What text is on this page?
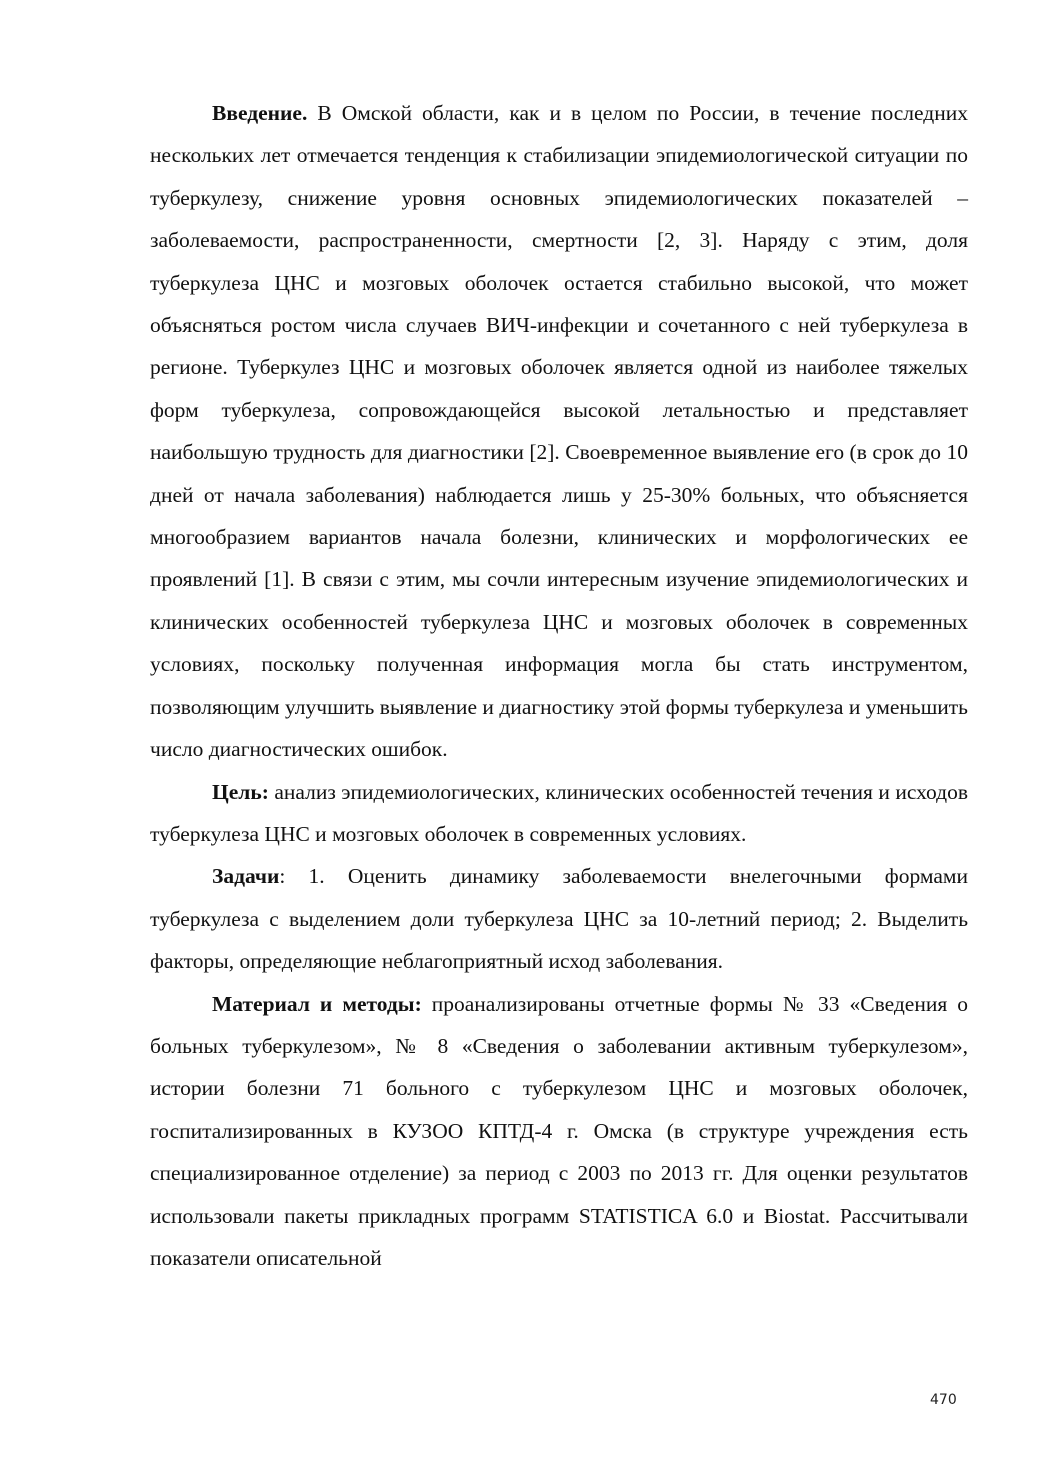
Введение. В Омской области, как и в целом по России, в течение последних нескольких лет отмечается тенденция к стабилизации эпидемиологической ситуации по туберкулезу, снижение уровня основных эпидемиологических показателей – заболеваемости, распространенности, смертности [2, 3]. Наряду с этим, доля туберкулеза ЦНС и мозговых оболочек остается стабильно высокой, что может объясняться ростом числа случаев ВИЧ-инфекции и сочетанного с ней туберкулеза в регионе. Туберкулез ЦНС и мозговых оболочек является одной из наиболее тяжелых форм туберкулеза, сопровождающейся высокой летальностью и представляет наибольшую трудность для диагностики [2]. Своевременное выявление его (в срок до 10 дней от начала заболевания) наблюдается лишь у 25-30% больных, что объясняется многообразием вариантов начала болезни, клинических и морфологических ее проявлений [1]. В связи с этим, мы сочли интересным изучение эпидемиологических и клинических особенностей туберкулеза ЦНС и мозговых оболочек в современных условиях, поскольку полученная информация могла бы стать инструментом, позволяющим улучшить выявление и диагностику этой формы туберкулеза и уменьшить число диагностических ошибок.

Цель: анализ эпидемиологических, клинических особенностей течения и исходов туберкулеза ЦНС и мозговых оболочек в современных условиях.

Задачи: 1. Оценить динамику заболеваемости внелегочными формами туберкулеза с выделением доли туберкулеза ЦНС за 10-летний период; 2. Выделить факторы, определяющие неблагоприятный исход заболевания.

Материал и методы: проанализированы отчетные формы № 33 «Сведения о больных туберкулезом», № 8 «Сведения о заболевании активным туберкулезом», истории болезни 71 больного с туберкулезом ЦНС и мозговых оболочек, госпитализированных в КУЗОО КПТД-4 г. Омска (в структуре учреждения есть специализированное отделение) за период с 2003 по 2013 гг. Для оценки результатов использовали пакеты прикладных программ STATISTICA 6.0 и Biostat. Рассчитывали показатели описательной

470
